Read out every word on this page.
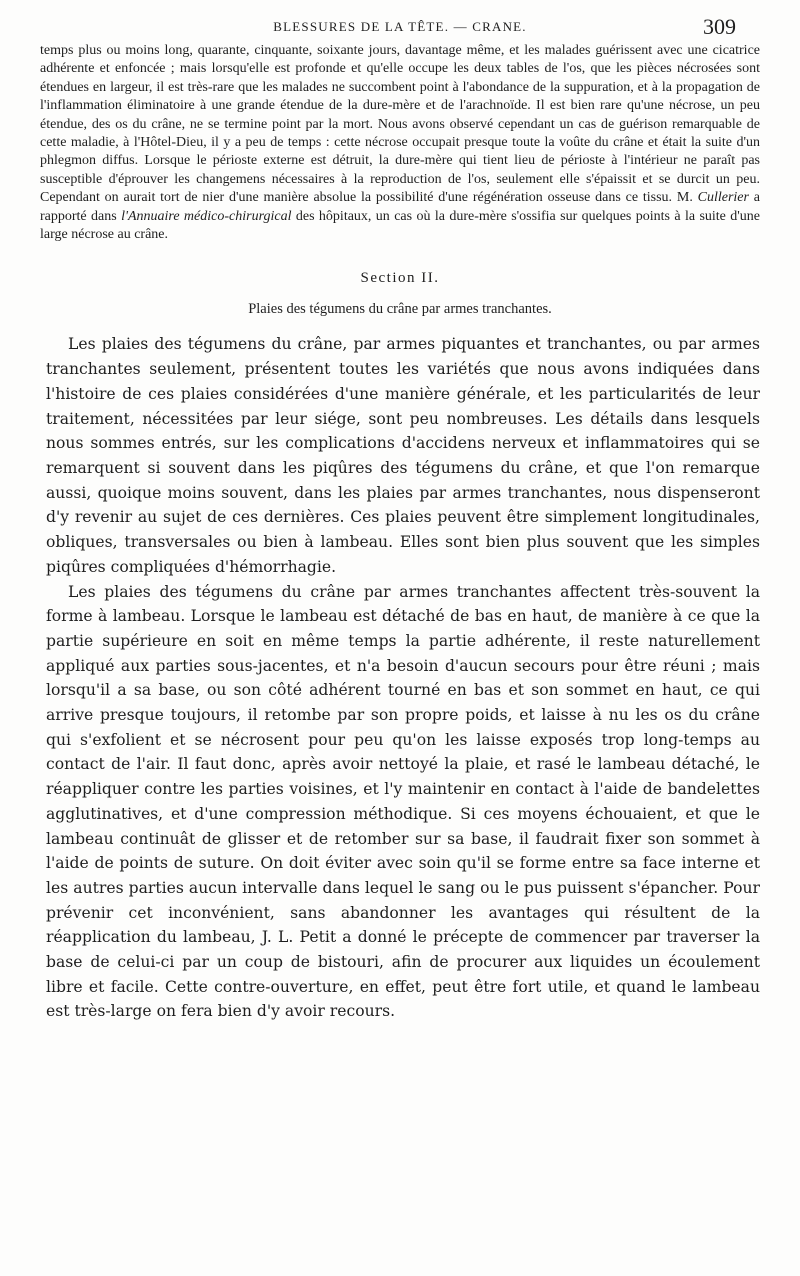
BLESSURES DE LA TÊTE. — CRANE.	309

temps plus ou moins long, quarante, cinquante, soixante jours, davantage même, et les malades guérissent avec une cicatrice adhérente et enfoncée ; mais lorsqu'elle est profonde et qu'elle occupe les deux tables de l'os, que les pièces nécrosées sont étendues en largeur, il est très-rare que les malades ne succombent point à l'abondance de la suppuration, et à la propagation de l'inflammation éliminatoire à une grande étendue de la dure-mère et de l'arachnoïde. Il est bien rare qu'une nécrose, un peu étendue, des os du crâne, ne se termine point par la mort. Nous avons observé cependant un cas de guérison remarquable de cette maladie, à l'Hôtel-Dieu, il y a peu de temps : cette nécrose occupait presque toute la voûte du crâne et était la suite d'un phlegmon diffus. Lorsque le périoste externe est détruit, la dure-mère qui tient lieu de périoste à l'intérieur ne paraît pas susceptible d'éprouver les changemens nécessaires à la reproduction de l'os, seulement elle s'épaissit et se durcit un peu. Cependant on aurait tort de nier d'une manière absolue la possibilité d'une régénération osseuse dans ce tissu. M. Cullerier a rapporté dans l'Annuaire médico-chirurgical des hôpitaux, un cas où la dure-mère s'ossifia sur quelques points à la suite d'une large nécrose au crâne.

Section II.
Plaies des tégumens du crâne par armes tranchantes.

Les plaies des tégumens du crâne, par armes piquantes et tranchantes, ou par armes tranchantes seulement, présentent toutes les variétés que nous avons indiquées dans l'histoire de ces plaies considérées d'une manière générale, et les particularités de leur traitement, nécessitées par leur siége, sont peu nombreuses. Les détails dans lesquels nous sommes entrés, sur les complications d'accidens nerveux et inflammatoires qui se remarquent si souvent dans les piqûres des tégumens du crâne, et que l'on remarque aussi, quoique moins souvent, dans les plaies par armes tranchantes, nous dispenseront d'y revenir au sujet de ces dernières. Ces plaies peuvent être simplement longitudinales, obliques, transversales ou bien à lambeau. Elles sont bien plus souvent que les simples piqûres compliquées d'hémorrhagie.

Les plaies des tégumens du crâne par armes tranchantes affectent très-souvent la forme à lambeau. Lorsque le lambeau est détaché de bas en haut, de manière à ce que la partie supérieure en soit en même temps la partie adhérente, il reste naturellement appliqué aux parties sous-jacentes, et n'a besoin d'aucun secours pour être réuni ; mais lorsqu'il a sa base, ou son côté adhérent tourné en bas et son sommet en haut, ce qui arrive presque toujours, il retombe par son propre poids, et laisse à nu les os du crâne qui s'exfolient et se nécrosent pour peu qu'on les laisse exposés trop long-temps au contact de l'air. Il faut donc, après avoir nettoyé la plaie, et rasé le lambeau détaché, le réappliquer contre les parties voisines, et l'y maintenir en contact à l'aide de bandelettes agglutinatives, et d'une compression méthodique. Si ces moyens échouaient, et que le lambeau continuât de glisser et de retomber sur sa base, il faudrait fixer son sommet à l'aide de points de suture. On doit éviter avec soin qu'il se forme entre sa face interne et les autres parties aucun intervalle dans lequel le sang ou le pus puissent s'épancher. Pour prévenir cet inconvénient, sans abandonner les avantages qui résultent de la réapplication du lambeau, J. L. Petit a donné le précepte de commencer par traverser la base de celui-ci par un coup de bistouri, afin de procurer aux liquides un écoulement libre et facile. Cette contre-ouverture, en effet, peut être fort utile, et quand le lambeau est très-large on fera bien d'y avoir recours.
